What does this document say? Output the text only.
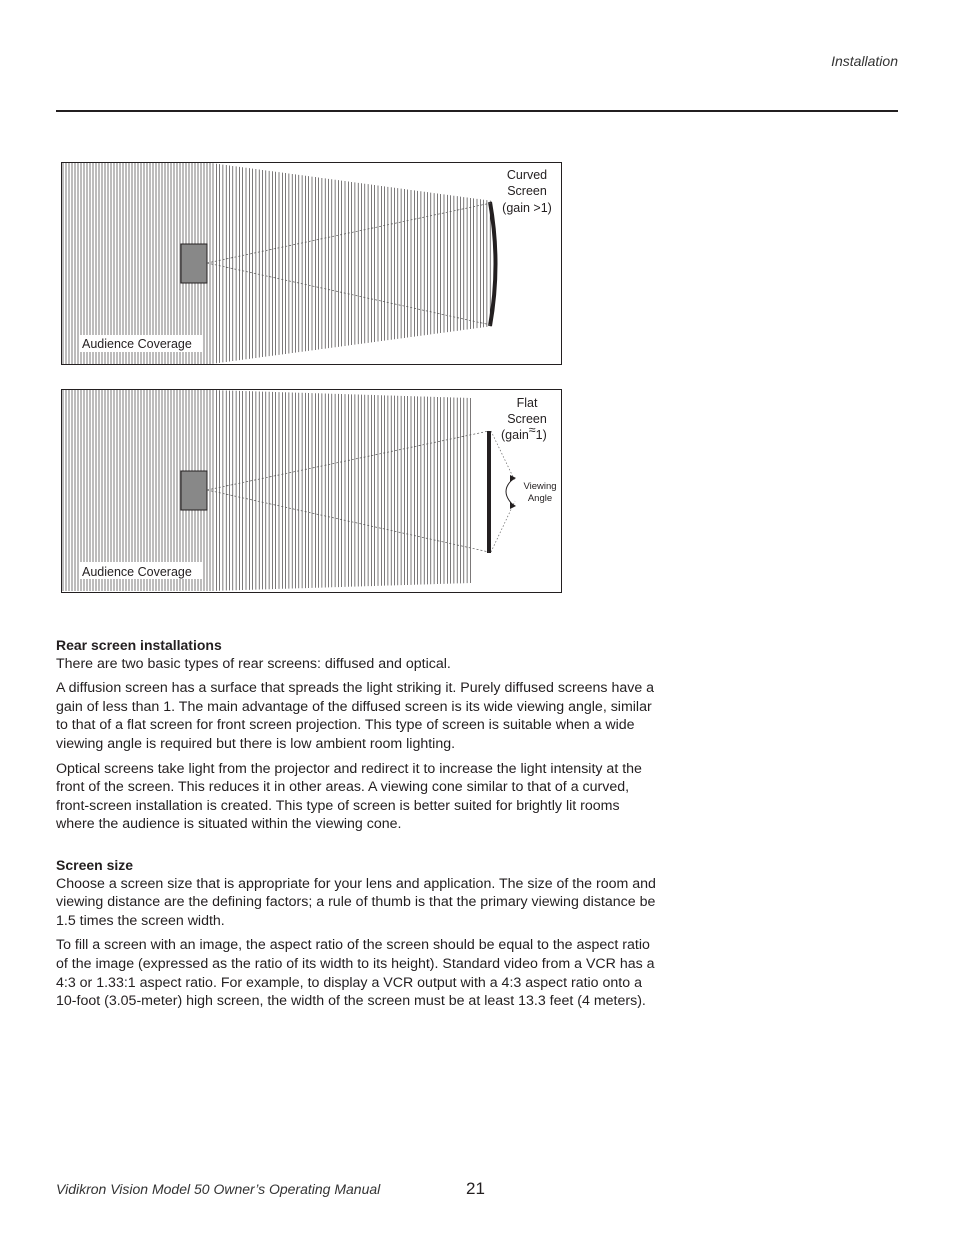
Installation
Audience Coverage
Curved
Screen
(gain >1)
Viewing
Angle
Audience Coverage
Flat
Screen
(gain≈1)
Rear screen installations

There are two basic types of rear screens: diffused and optical.

A diffusion screen has a surface that spreads the light striking it. Purely diffused screens have a gain of less than 1. The main advantage of the diffused screen is its wide viewing angle, similar to that of a flat screen for front screen projection. This type of screen is suitable when a wide viewing angle is required but there is low ambient room lighting.

Optical screens take light from the projector and redirect it to increase the light intensity at the front of the screen. This reduces it in other areas. A viewing cone similar to that of a curved, front-screen installation is created. This type of screen is better suited for brightly lit rooms where the audience is situated within the viewing cone.

Screen size

Choose a screen size that is appropriate for your lens and application. The size of the room and viewing distance are the defining factors; a rule of thumb is that the primary viewing distance be 1.5 times the screen width.

To fill a screen with an image, the aspect ratio of the screen should be equal to the aspect ratio of the image (expressed as the ratio of its width to its height). Standard video from a VCR has a 4:3 or 1.33:1 aspect ratio. For example, to display a VCR output with a 4:3 aspect ratio onto a 10-foot (3.05-meter) high screen, the width of the screen must be at least 13.3 feet (4 meters).

Vidikron Vision Model 50 Owner’s Operating Manual	21
